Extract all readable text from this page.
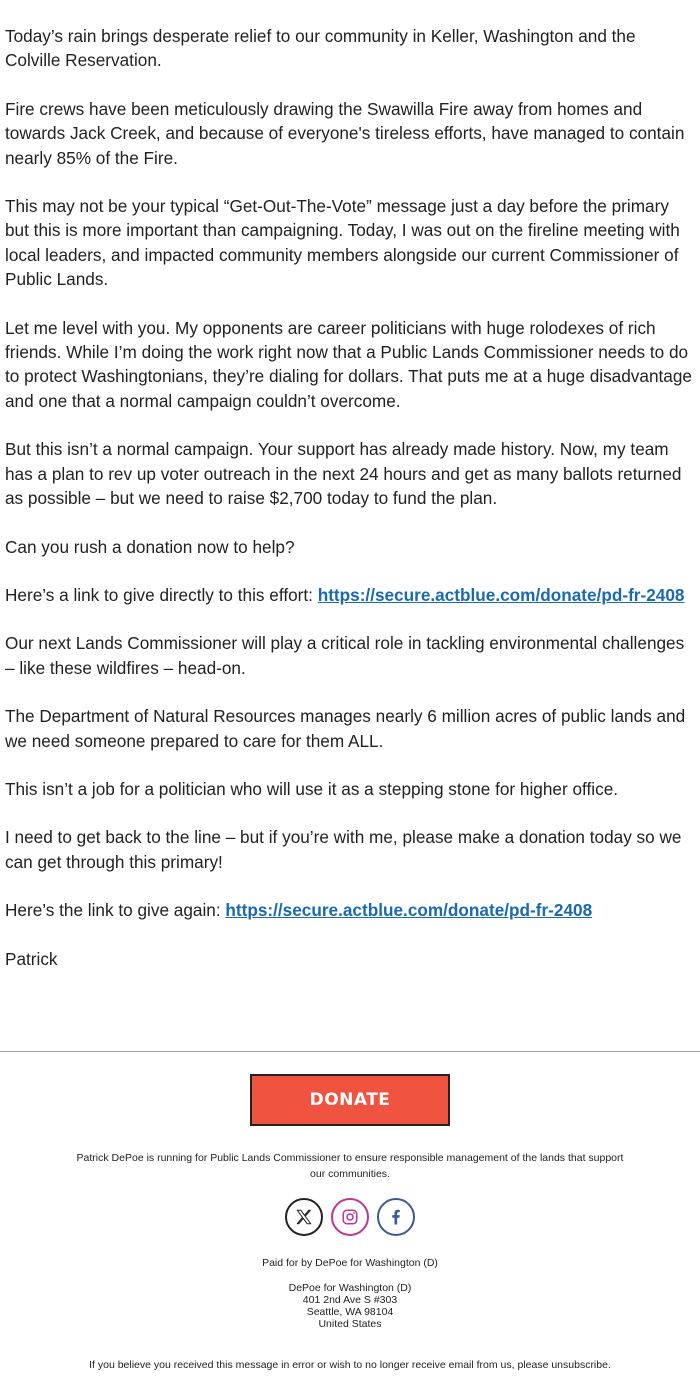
Today’s rain brings desperate relief to our community in Keller, Washington and the Colville Reservation.

Fire crews have been meticulously drawing the Swawilla Fire away from homes and towards Jack Creek, and because of everyone's tireless efforts, have managed to contain nearly 85% of the Fire.

This may not be your typical “Get-Out-The-Vote” message just a day before the primary but this is more important than campaigning. Today, I was out on the fireline meeting with local leaders, and impacted community members alongside our current Commissioner of Public Lands.

Let me level with you. My opponents are career politicians with huge rolodexes of rich friends. While I’m doing the work right now that a Public Lands Commissioner needs to do to protect Washingtonians, they’re dialing for dollars. That puts me at a huge disadvantage and one that a normal campaign couldn’t overcome.

But this isn’t a normal campaign. Your support has already made history. Now, my team has a plan to rev up voter outreach in the next 24 hours and get as many ballots returned as possible – but we need to raise $2,700 today to fund the plan.

Can you rush a donation now to help?

Here’s a link to give directly to this effort: https://secure.actblue.com/donate/pd-fr-2408

Our next Lands Commissioner will play a critical role in tackling environmental challenges – like these wildfires – head-on.

The Department of Natural Resources manages nearly 6 million acres of public lands and we need someone prepared to care for them ALL.

This isn’t a job for a politician who will use it as a stepping stone for higher office.

I need to get back to the line – but if you’re with me, please make a donation today so we can get through this primary!

Here’s the link to give again: https://secure.actblue.com/donate/pd-fr-2408

Patrick

DONATE
Patrick DePoe is running for Public Lands Commissioner to ensure responsible management of the lands that support our communities.
Paid for by DePoe for Washington (D)
DePoe for Washington (D)
401 2nd Ave S #303
Seattle, WA 98104
United States
If you believe you received this message in error or wish to no longer receive email from us, please unsubscribe.
